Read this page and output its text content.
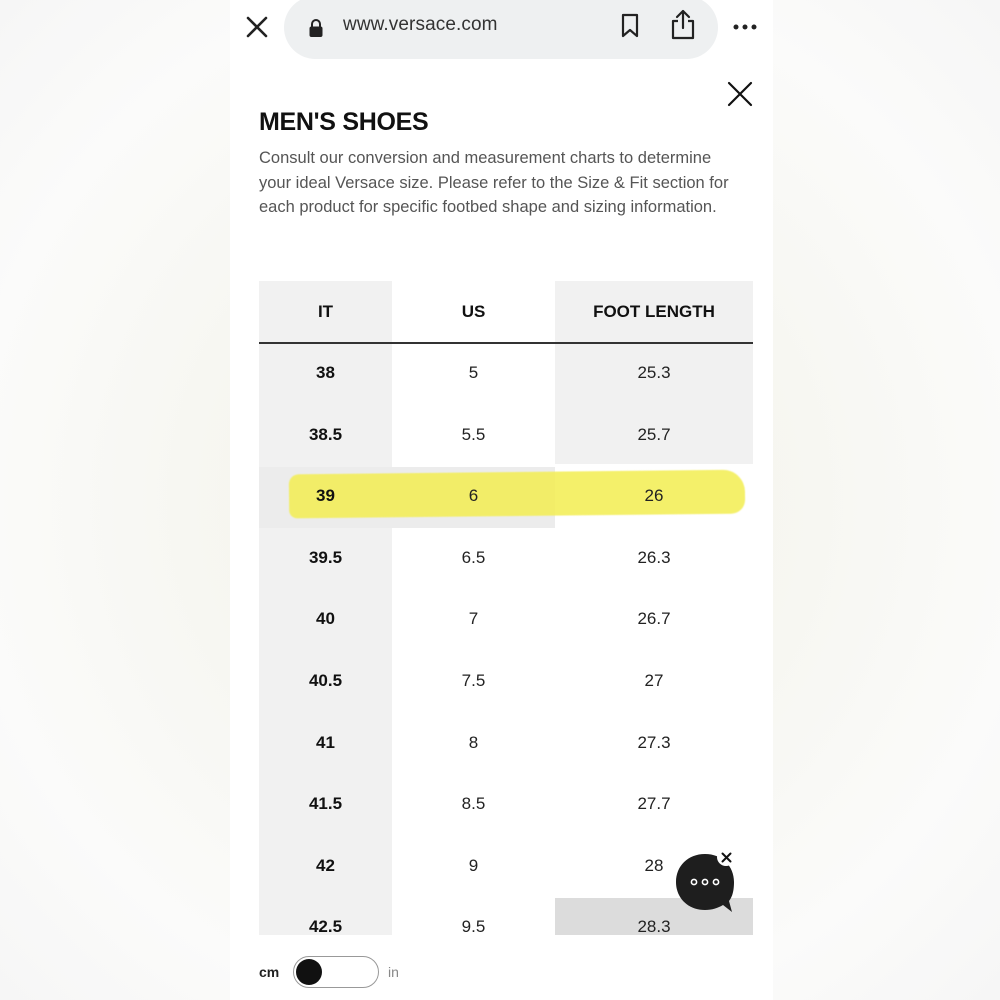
www.versace.com
MEN'S SHOES
Consult our conversion and measurement charts to determine your ideal Versace size. Please refer to the Size & Fit section for each product for specific footbed shape and sizing information.
IT	US	FOOT LENGTH
38	5	25.3
38.5	5.5	25.7
39	6	26
39.5	6.5	26.3
40	7	26.7
40.5	7.5	27
41	8	27.3
41.5	8.5	27.7
42	9	28
42.5	9.5	28.3
cm	in
